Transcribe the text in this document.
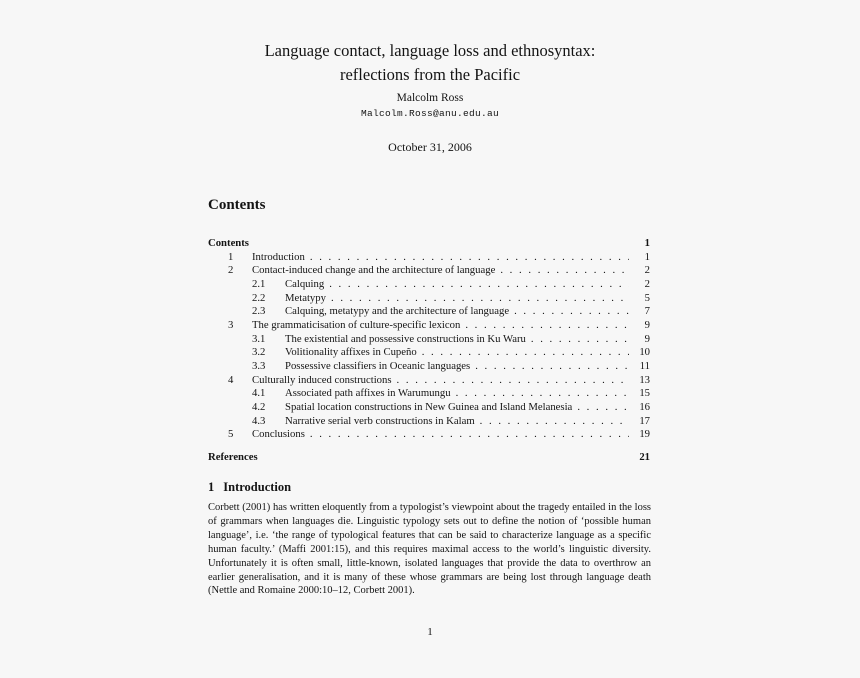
Language contact, language loss and ethnosyntax:
reflections from the Pacific
Malcolm Ross
Malcolm.Ross@anu.edu.au
October 31, 2006
Contents
Contents	1
1	Introduction . . .	1
2	Contact-induced change and the architecture of language . . .	2
2.1	Calquing . . .	2
2.2	Metatypy . . .	5
2.3	Calquing, metatypy and the architecture of language . . .	7
3	The grammaticisation of culture-specific lexicon . . .	9
3.1	The existential and possessive constructions in Ku Waru . . .	9
3.2	Volitionality affixes in Cupeño . . .	10
3.3	Possessive classifiers in Oceanic languages . . .	11
4	Culturally induced constructions . . .	13
4.1	Associated path affixes in Warumungu . . .	15
4.2	Spatial location constructions in New Guinea and Island Melanesia . . .	16
4.3	Narrative serial verb constructions in Kalam . . .	17
5	Conclusions . . .	19
References	21
1 Introduction
Corbett (2001) has written eloquently from a typologist’s viewpoint about the tragedy entailed in the loss of grammars when languages die. Linguistic typology sets out to define the notion of ‘possible human language’, i.e. ‘the range of typological features that can be said to characterize language as a specific human faculty.’ (Maffi 2001:15), and this requires maximal access to the world’s linguistic diversity. Unfortunately it is often small, little-known, isolated languages that provide the data to overthrow an earlier generalisation, and it is many of these whose grammars are being lost through language death (Nettle and Romaine 2000:10–12, Corbett 2001).
1
